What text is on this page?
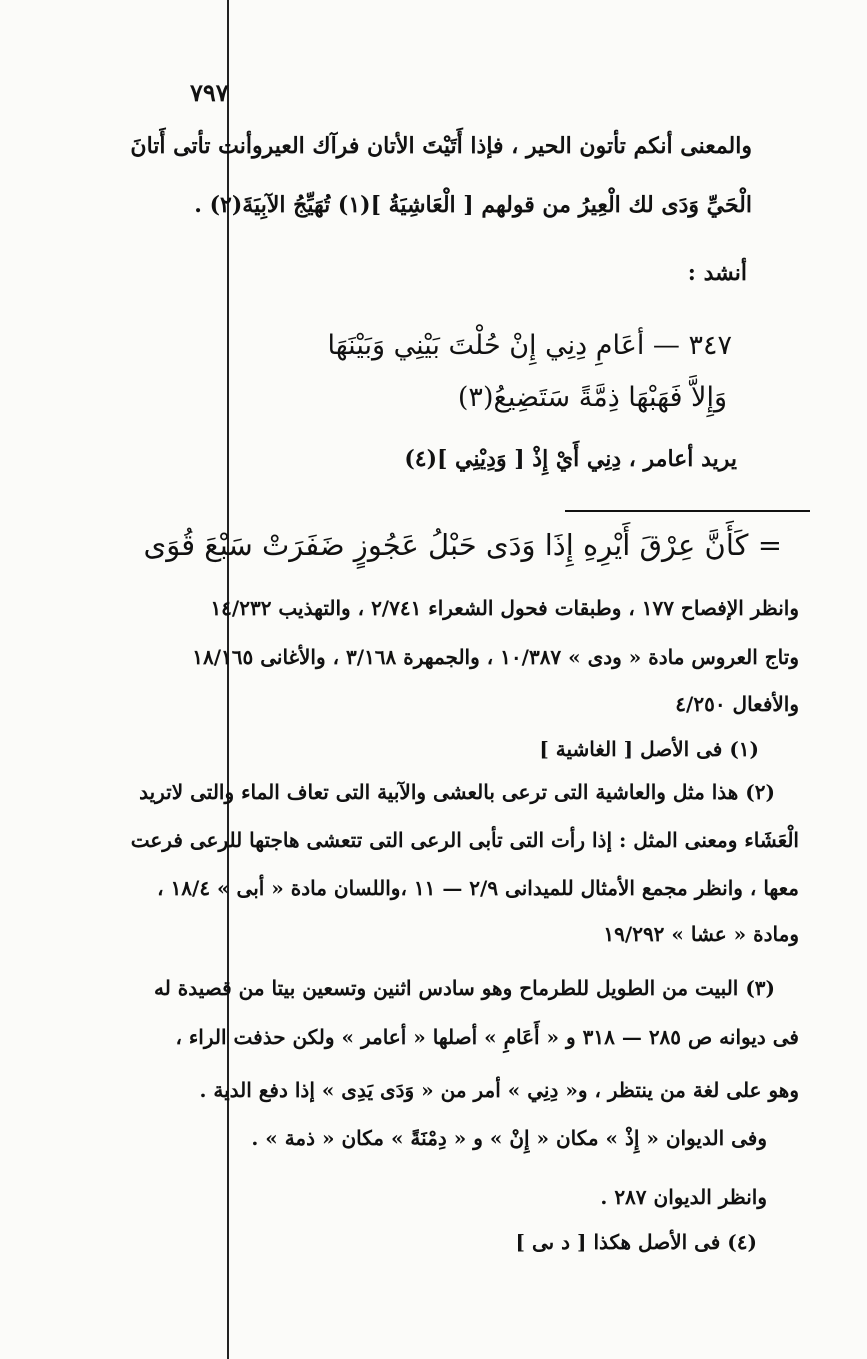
٧٩٧
والمعنى أنكم تأتون الحير ، فإذا أَتَيْتَ الأتان فرآك العيروأنت تأتى أَتانَ
الْحَيِّ وَدَى لك الْعِيرُ من قولهم [ الْعَاشِيَةُ ](١) تُهَيِّجُ الآبِيَةَ(٢) .
أنشد :
٣٤٧ — أعَامِ دِنِي إِنْ حُلْتَ بَيْنِي وَبَيْنَهَا
وَإِلاَّ فَهَبْهَا ذِمَّةً سَتَضِيعُ(٣)
يريد أعامر ، دِنِي أَيْ إِذْ [ وَدِيْنِي ](٤)
= كَأَنَّ عِرْقَ أَيْرِهِ إِذَا وَدَى حَبْلُ عَجُوزٍ ضَفَرَتْ سَبْعَ قُوَى
وانظر الإفصاح ١٧٧ ، وطبقات فحول الشعراء ٢/٧٤١ ، والتهذيب ١٤/٢٣٢
وتاج العروس مادة « ودى » ١٠/٣٨٧ ، والجمهرة ٣/١٦٨ ، والأغانى ١٨/١٦٥
والأفعال ٤/٢٥٠
(١) فى الأصل [ الغاشية ]
(٢) هذا مثل والعاشية التى ترعى بالعشى والآبية التى تعاف الماء والتى لاتريد
الْعَشَاء ومعنى المثل : إذا رأت التى تأبى الرعى التى تتعشى هاجتها للرعى فرعت
معها ، وانظر مجمع الأمثال للميدانى ٢/٩ — ١١ ،واللسان مادة « أبى » ١٨/٤ ،
ومادة « عشا » ١٩/٢٩٢
(٣) البيت من الطويل للطرماح وهو سادس اثنين وتسعين بيتا من قصيدة له
فى ديوانه ص ٢٨٥ — ٣١٨ و « أَعَامِ » أصلها « أعامر » ولكن حذفت الراء ،
وهو على لغة من ينتظر ، و« دِنِي » أمر من « وَدَى يَدِى » إذا دفع الدية .
وفى الديوان « إِذْ » مكان « إِنْ » و « دِمْنَةً » مكان « ذمة » .
وانظر الديوان ٢٨٧ .
(٤) فى الأصل هكذا [ د ىى ]
